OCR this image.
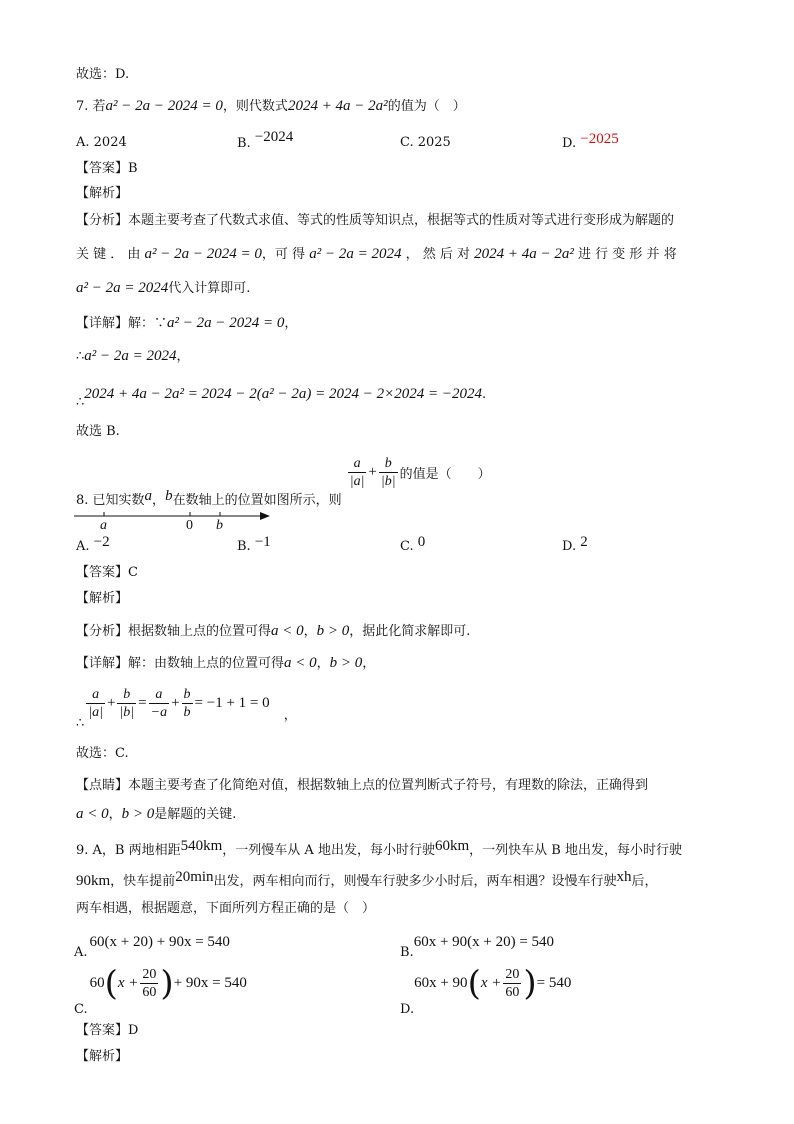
故选：D.
7. 若a² − 2a − 2024 = 0，则代数式2024 + 4a − 2a²的值为（　）
A. 2024	B. −2024	C. 2025	D. −2025
【答案】B
【解析】
【分析】本题主要考查了代数式求值、等式的性质等知识点，根据等式的性质对等式进行变形成为解题的
关 键 ． 由 a² − 2a − 2024 = 0，可 得 a² − 2a = 2024 ， 然 后 对 2024 + 4a − 2a² 进 行 变 形 并 将
a² − 2a = 2024代入计算即可.
【详解】解：∵a² − 2a − 2024 = 0，
∴a² − 2a = 2024，
∴2024 + 4a − 2a² = 2024 − 2(a² − 2a) = 2024 − 2×2024 = −2024.
故选 B.
8. 已知实数a，b在数轴上的位置如图所示，则
$\frac{a}{|a|} + \frac{b}{|b|}$ 的值是（　　）
a	0 b
A. −2	B. −1	C. 0	D. 2
【答案】C
【解析】
【分析】根据数轴上点的位置可得a < 0，b > 0，据此化简求解即可.
【详解】解：由数轴上点的位置可得a < 0，b > 0，
∴
$\frac{a}{|a|} + \frac{b}{|b|} = \frac{a}{-a} + \frac{b}{b} = -1 + 1 = 0$ ，
故选：C.
【点睛】本题主要考查了化简绝对值，根据数轴上点的位置判断式子符号，有理数的除法，正确得到
a < 0，b > 0是解题的关键.
9. A，B 两地相距540km，一列慢车从 A 地出发，每小时行驶60km，一列快车从 B 地出发，每小时行驶
90km，快车提前20min出发，两车相向而行，则慢车行驶多少小时后，两车相遇？设慢车行驶xh后，
两车相遇，根据题意，下面所列方程正确的是（　）
A.60(x + 20) + 90x = 540
B.60x + 90(x + 20) = 540
$C.60(x + \frac{20}{60}$ )+ 90x = 540
$D.60x + 90(x + \frac{20}{60}$ )= 540
【答案】D
【解析】
